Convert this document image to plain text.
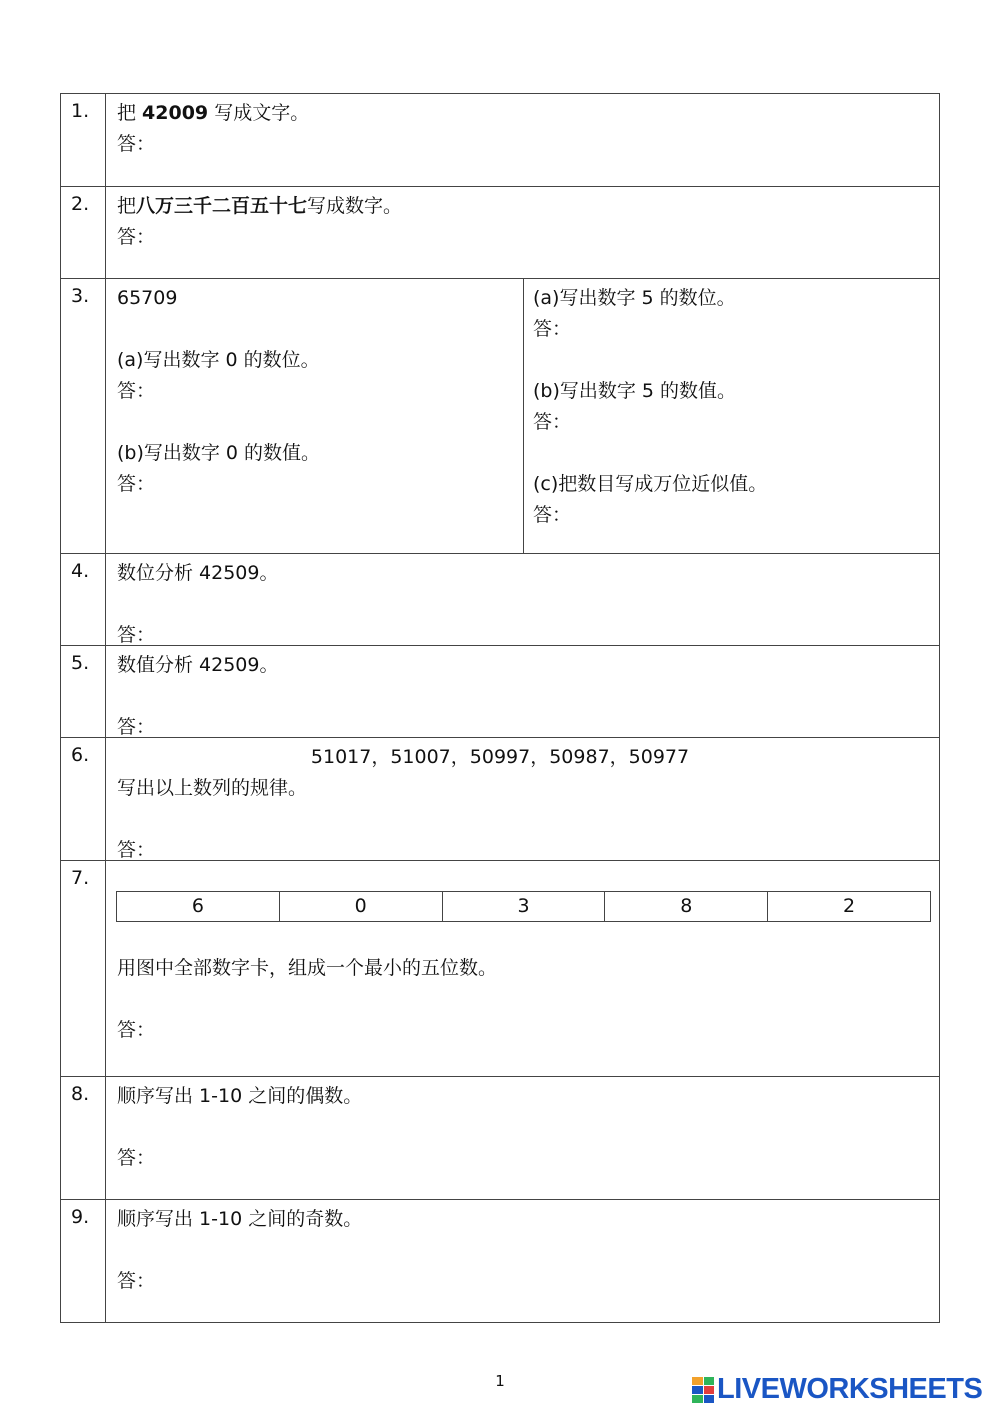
1. 把 42009 写成文字。
答：
2. 把八万三千二百五十七写成数字。
答：
3. 65709
(a)写出数字 0 的数位。
答：
(b)写出数字 0 的数值。
答：
(a)写出数字 5 的数位。
答：
(b)写出数字 5 的数值。
答：
(c)把数目写成万位近似值。
答：
4. 数位分析 42509。
答：
5. 数值分析 42509。
答：
6.	51017，51007，50997，50987，50977
写出以上数列的规律。
答：
7.
6	0	3	8	2
用图中全部数字卡，组成一个最小的五位数。
答：
8. 顺序写出 1-10 之间的偶数。
答：
9. 顺序写出 1-10 之间的奇数。
答：
1	LIVEWORKSHEETS
